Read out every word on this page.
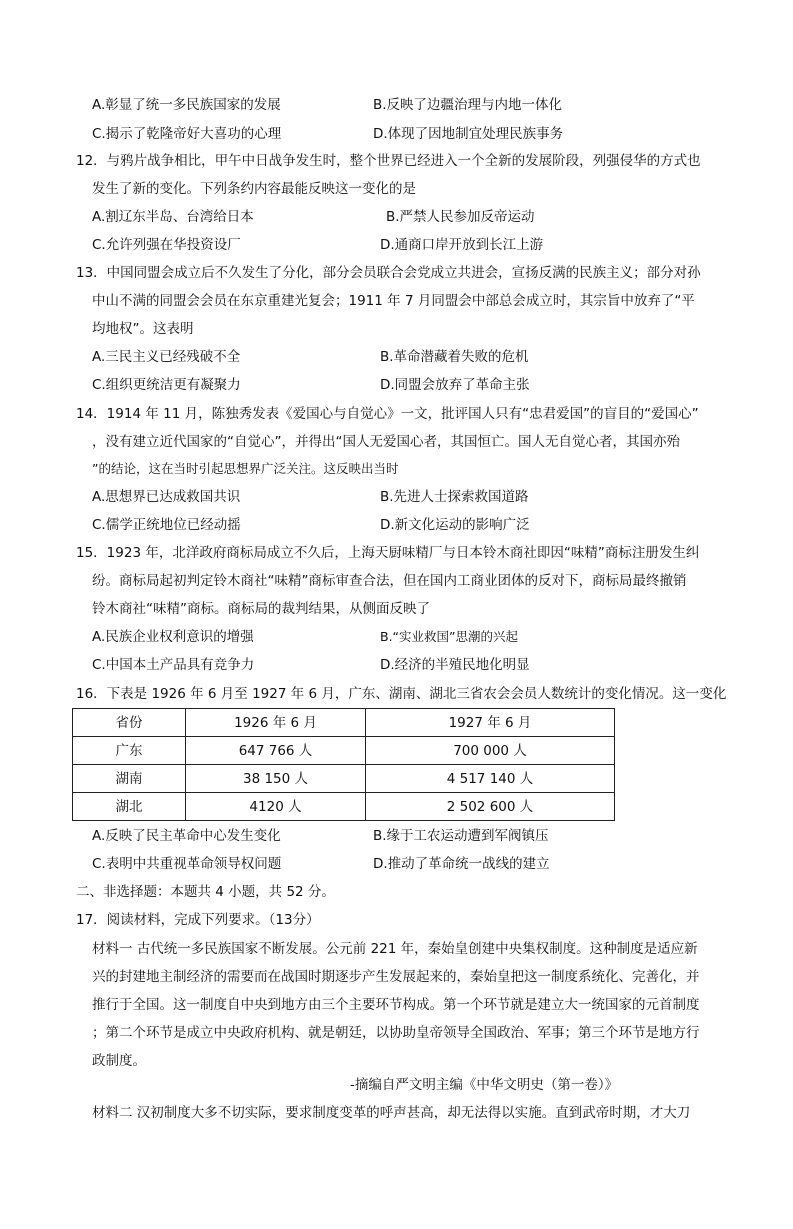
A.彰显了统一多民族国家的发展	B.反映了边疆治理与内地一体化
C.揭示了乾隆帝好大喜功的心理	D.体现了因地制宜处理民族事务
12．与鸦片战争相比，甲午中日战争发生时，整个世界已经进入一个全新的发展阶段，列强侵华的方式也
发生了新的变化。下列条约内容最能反映这一变化的是
A.割辽东半岛、台湾给日本	B.严禁人民参加反帝运动
C.允许列强在华投资设厂	D.通商口岸开放到长江上游
13．中国同盟会成立后不久发生了分化，部分会员联合会党成立共进会，宣扬反满的民族主义；部分对孙
中山不满的同盟会会员在东京重建光复会；1911 年 7 月同盟会中部总会成立时，其宗旨中放弃了“平
均地权”。这表明
A.三民主义已经残破不全	B.革命潜藏着失败的危机
C.组织更统洁更有凝聚力	D.同盟会放弃了革命主张
14．1914 年 11 月，陈独秀发表《爱国心与自觉心》一文，批评国人只有“忠君爱国”的盲目的“爱国心”
，没有建立近代国家的“自觉心”，并得出“国人无爱国心者，其国恒亡。国人无自觉心者，其国亦殆
”的结论，这在当时引起思想界广泛关注。这反映出当时
A.思想界已达成救国共识	B.先进人士探索救国道路
C.儒学正统地位已经动摇	D.新文化运动的影响广泛
15．1923 年，北洋政府商标局成立不久后，上海天厨味精厂与日本铃木商社即因“味精”商标注册发生纠
纷。商标局起初判定铃木商社“味精”商标审查合法，但在国内工商业团体的反对下，商标局最终撤销
铃木商社“味精”商标。商标局的裁判结果，从侧面反映了
A.民族企业权利意识的增强	B.“实业救国”思潮的兴起
C.中国本土产品具有竞争力	D.经济的半殖民地化明显
16．下表是 1926 年 6 月至 1927 年 6 月，广东、湖南、湖北三省农会会员人数统计的变化情况。这一变化
省份	1926 年 6 月	1927 年 6 月
广东	647 766 人	700 000 人
湖南	38 150 人	4 517 140 人
湖北	4120 人	2 502 600 人
A.反映了民主革命中心发生变化	B.缘于工农运动遭到军阀镇压
C.表明中共重视革命领导权问题	D.推动了革命统一战线的建立
二、非选择题：本题共 4 小题，共 52 分。
17．阅读材料，完成下列要求。（13分）
材料一 古代统一多民族国家不断发展。公元前 221 年，秦始皇创建中央集权制度。这种制度是适应新
兴的封建地主制经济的需要而在战国时期逐步产生发展起来的，秦始皇把这一制度系统化、完善化，并
推行于全国。这一制度自中央到地方由三个主要环节构成。第一个环节就是建立大一统国家的元首制度
；第二个环节是成立中央政府机构、就是朝廷，以协助皇帝领导全国政治、军事；第三个环节是地方行
政制度。
-摘编自严文明主编《中华文明史（第一卷）》
材料二 汉初制度大多不切实际，要求制度变革的呼声甚高，却无法得以实施。直到武帝时期，才大刀
